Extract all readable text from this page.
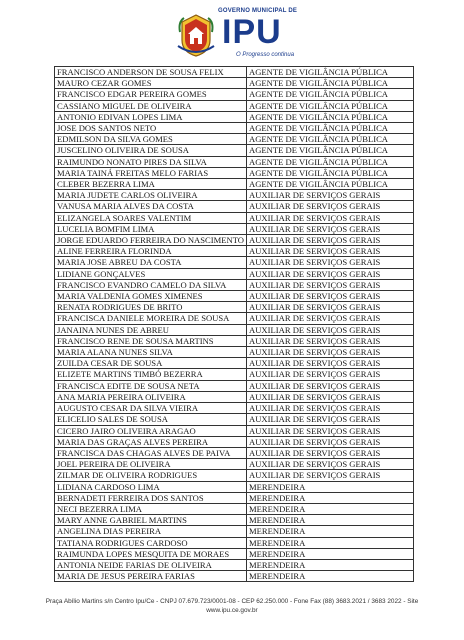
GOVERNO MUNICIPAL DE
IPU
O Progresso continua
FRANCISCO ANDERSON DE SOUSA FELIX	AGENTE DE VIGILÂNCIA PÚBLICA
MAURO CEZAR GOMES	AGENTE DE VIGILÂNCIA PÚBLICA
FRANCISCO EDGAR PEREIRA GOMES	AGENTE DE VIGILÂNCIA PÚBLICA
CASSIANO MIGUEL DE OLIVEIRA	AGENTE DE VIGILÂNCIA PÚBLICA
ANTONIO EDIVAN LOPES LIMA	AGENTE DE VIGILÂNCIA PÚBLICA
JOSE DOS SANTOS NETO	AGENTE DE VIGILÂNCIA PÚBLICA
EDMILSON DA SILVA GOMES	AGENTE DE VIGILÂNCIA PÚBLICA
JUSCELINO OLIVEIRA DE SOUSA	AGENTE DE VIGILÂNCIA PÚBLICA
RAIMUNDO NONATO PIRES DA SILVA	AGENTE DE VIGILÂNCIA PÚBLICA
MARIA TAINÁ FREITAS MELO FARIAS	AGENTE DE VIGILÂNCIA PÚBLICA
CLEBER BEZERRA LIMA	AGENTE DE VIGILÂNCIA PÚBLICA
MARIA JUDETE CARLOS OLIVEIRA	AUXILIAR DE SERVIÇOS GERAIS
VANUSA MARIA ALVES DA COSTA	AUXILIAR DE SERVIÇOS GERAIS
ELIZANGELA SOARES VALENTIM	AUXILIAR DE SERVIÇOS GERAIS
LUCELIA BOMFIM LIMA	AUXILIAR DE SERVIÇOS GERAIS
JORGE EDUARDO FERREIRA DO NASCIMENTO	AUXILIAR DE SERVIÇOS GERAIS
ALINE FERREIRA FLORINDA	AUXILIAR DE SERVIÇOS GERAIS
MARIA JOSE ABREU DA COSTA	AUXILIAR DE SERVIÇOS GERAIS
LIDIANE GONÇALVES	AUXILIAR DE SERVIÇOS GERAIS
FRANCISCO EVANDRO CAMELO DA SILVA	AUXILIAR DE SERVIÇOS GERAIS
MARIA VALDENIA GOMES XIMENES	AUXILIAR DE SERVIÇOS GERAIS
RENATA RODRIGUES DE BRITO	AUXILIAR DE SERVIÇOS GERAIS
FRANCISCA DANIELE MOREIRA DE SOUSA	AUXILIAR DE SERVIÇOS GERAIS
JANAINA NUNES DE ABREU	AUXILIAR DE SERVIÇOS GERAIS
FRANCISCO RENE DE SOUSA MARTINS	AUXILIAR DE SERVIÇOS GERAIS
MARIA ALANA NUNES SILVA	AUXILIAR DE SERVIÇOS GERAIS
ZUILDA CESAR DE SOUSA	AUXILIAR DE SERVIÇOS GERAIS
ELIZETE MARTINS TIMBÓ BEZERRA	AUXILIAR DE SERVIÇOS GERAIS
FRANCISCA EDITE DE SOUSA NETA	AUXILIAR DE SERVIÇOS GERAIS
ANA MARIA PEREIRA OLIVEIRA	AUXILIAR DE SERVIÇOS GERAIS
AUGUSTO CESAR DA SILVA VIEIRA	AUXILIAR DE SERVIÇOS GERAIS
ELICELIO SALES DE SOUSA	AUXILIAR DE SERVIÇOS GERAIS
CICERO JAIRO OLIVEIRA ARAGAO	AUXILIAR DE SERVIÇOS GERAIS
MARIA DAS GRAÇAS ALVES PEREIRA	AUXILIAR DE SERVIÇOS GERAIS
FRANCISCA DAS CHAGAS ALVES DE PAIVA	AUXILIAR DE SERVIÇOS GERAIS
JOEL PEREIRA DE OLIVEIRA	AUXILIAR DE SERVIÇOS GERAIS
ZILMAR DE OLIVEIRA RODRIGUES	AUXILIAR DE SERVIÇOS GERAIS
LIDIANA CARDOSO LIMA	MERENDEIRA
BERNADETI FERREIRA DOS SANTOS	MERENDEIRA
NECI BEZERRA LIMA	MERENDEIRA
MARY ANNE GABRIEL MARTINS	MERENDEIRA
ANGELINA DIAS PEREIRA	MERENDEIRA
TATIANA RODRIGUES CARDOSO	MERENDEIRA
RAIMUNDA LOPES MESQUITA DE MORAES	MERENDEIRA
ANTONIA NEIDE FARIAS DE OLIVEIRA	MERENDEIRA
MARIA DE JESUS PEREIRA FARIAS	MERENDEIRA
Praça Abílio Martins s/n Centro Ipu/Ce - CNPJ 07.679.723/0001-08 - CEP 62.250.000 - Fone Fax (88) 3683.2021 / 3683 2022 - Site
www.ipu.ce.gov.br
